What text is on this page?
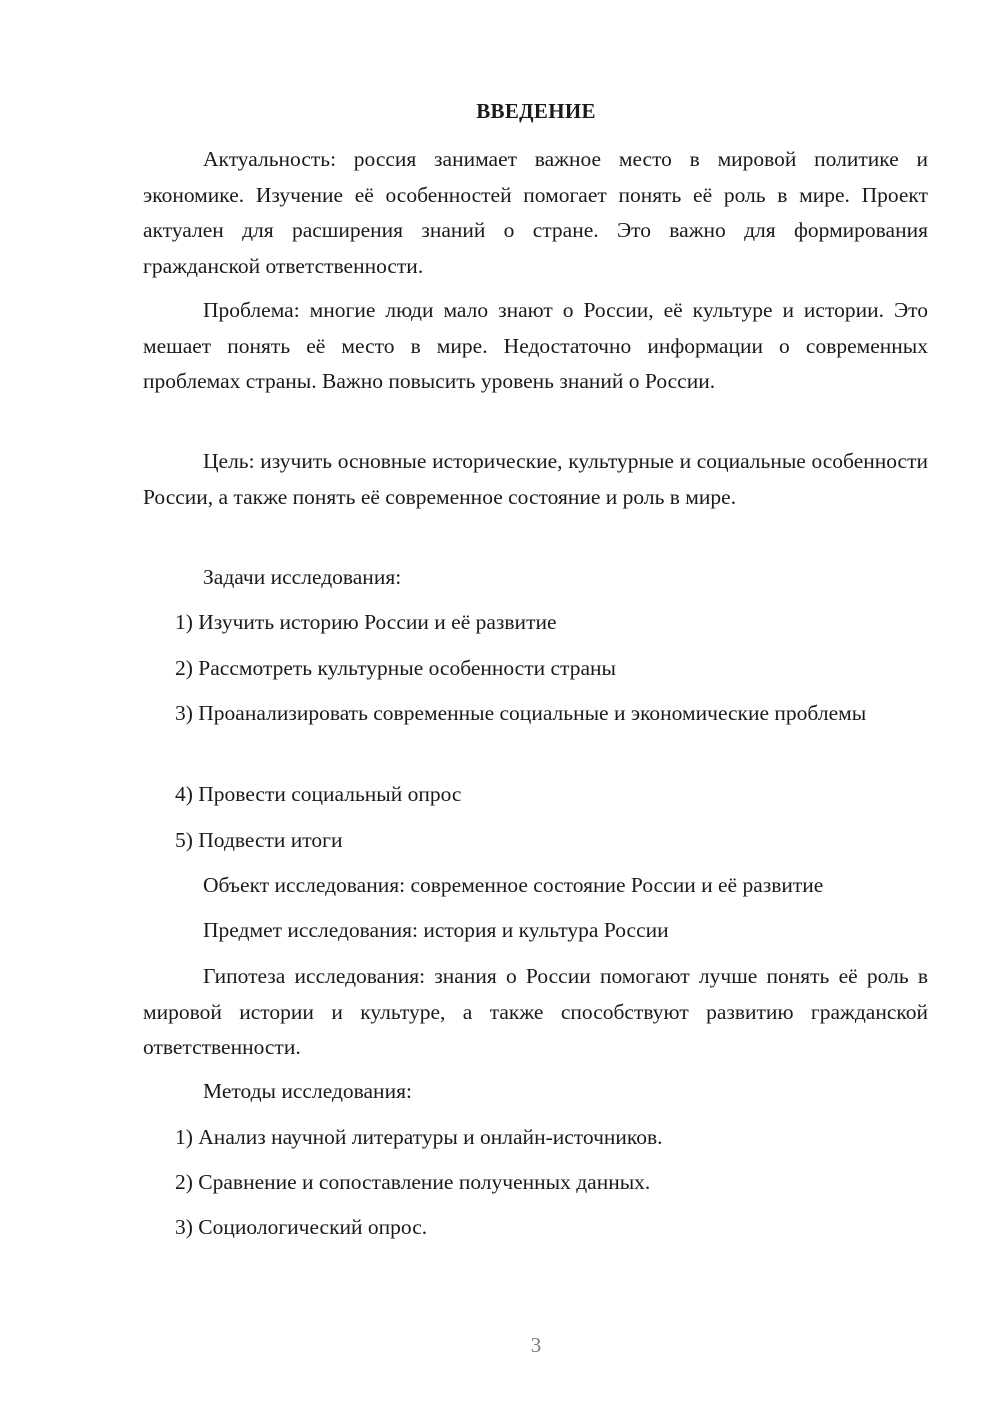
ВВЕДЕНИЕ

Актуальность: россия занимает важное место в мировой политике и экономике. Изучение её особенностей помогает понять её роль в мире. Проект актуален для расширения знаний о стране. Это важно для формирования гражданской ответственности.

Проблема: многие люди мало знают о России, её культуре и истории. Это мешает понять её место в мире. Недостаточно информации о современных проблемах страны. Важно повысить уровень знаний о России.

Цель: изучить основные исторические, культурные и социальные особенности России, а также понять её современное состояние и роль в мире.

Задачи исследования:

1) Изучить историю России и её развитие

2) Рассмотреть культурные особенности страны

3) Проанализировать современные социальные и экономические проблемы

4) Провести социальный опрос

5) Подвести итоги

Объект исследования: современное состояние России и её развитие

Предмет исследования: история и культура России

Гипотеза исследования: знания о России помогают лучше понять её роль в мировой истории и культуре, а также способствуют развитию гражданской ответственности.

Методы исследования:

1) Анализ научной литературы и онлайн-источников.

2) Сравнение и сопоставление полученных данных.

3) Социологический опрос.

3
